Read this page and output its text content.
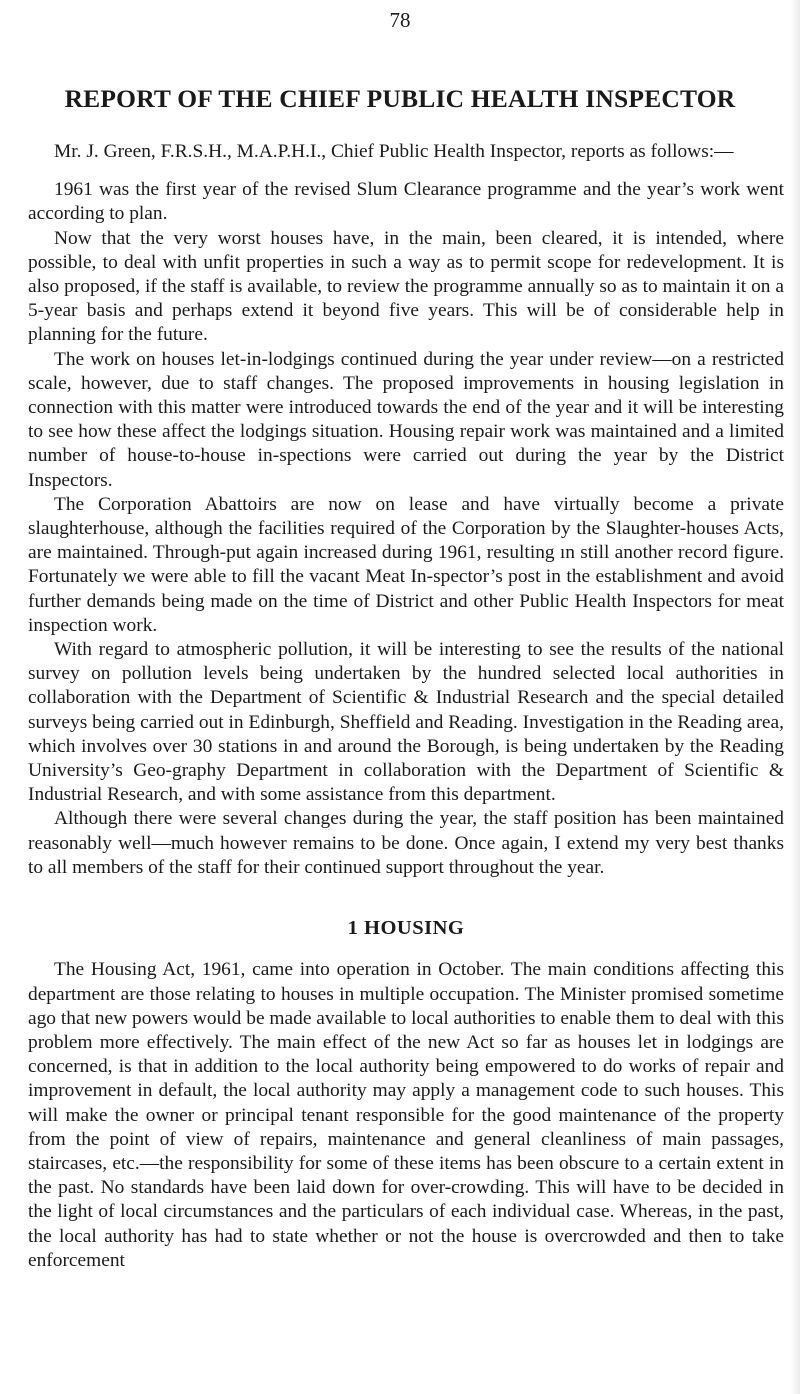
78
REPORT OF THE CHIEF PUBLIC HEALTH INSPECTOR

Mr. J. Green, F.R.S.H., M.A.P.H.I., Chief Public Health Inspector, reports as follows:—

1961 was the first year of the revised Slum Clearance programme and the year’s work went according to plan.

Now that the very worst houses have, in the main, been cleared, it is intended, where possible, to deal with unfit properties in such a way as to permit scope for redevelopment. It is also proposed, if the staff is available, to review the programme annually so as to maintain it on a 5-year basis and perhaps extend it beyond five years. This will be of considerable help in planning for the future.

The work on houses let-in-lodgings continued during the year under review—on a restricted scale, however, due to staff changes. The proposed improvements in housing legislation in connection with this matter were introduced towards the end of the year and it will be interesting to see how these affect the lodgings situation. Housing repair work was maintained and a limited number of house-to-house in-spections were carried out during the year by the District Inspectors.

The Corporation Abattoirs are now on lease and have virtually become a private slaughterhouse, although the facilities required of the Corporation by the Slaughter-houses Acts, are maintained. Through-put again increased during 1961, resulting ın still another record figure. Fortunately we were able to fill the vacant Meat In-spector’s post in the establishment and avoid further demands being made on the time of District and other Public Health Inspectors for meat inspection work.

With regard to atmospheric pollution, it will be interesting to see the results of the national survey on pollution levels being undertaken by the hundred selected local authorities in collaboration with the Department of Scientific & Industrial Research and the special detailed surveys being carried out in Edinburgh, Sheffield and Reading. Investigation in the Reading area, which involves over 30 stations in and around the Borough, is being undertaken by the Reading University’s Geo-graphy Department in collaboration with the Department of Scientific & Industrial Research, and with some assistance from this department.

Although there were several changes during the year, the staff position has been maintained reasonably well—much however remains to be done. Once again, I extend my very best thanks to all members of the staff for their continued support throughout the year.

1 HOUSING

The Housing Act, 1961, came into operation in October. The main conditions affecting this department are those relating to houses in multiple occupation. The Minister promised sometime ago that new powers would be made available to local authorities to enable them to deal with this problem more effectively. The main effect of the new Act so far as houses let in lodgings are concerned, is that in addition to the local authority being empowered to do works of repair and improvement in default, the local authority may apply a management code to such houses. This will make the owner or principal tenant responsible for the good maintenance of the property from the point of view of repairs, maintenance and general cleanliness of main passages, staircases, etc.—the responsibility for some of these items has been obscure to a certain extent in the past. No standards have been laid down for over-crowding. This will have to be decided in the light of local circumstances and the particulars of each individual case. Whereas, in the past, the local authority has had to state whether or not the house is overcrowded and then to take enforcement
